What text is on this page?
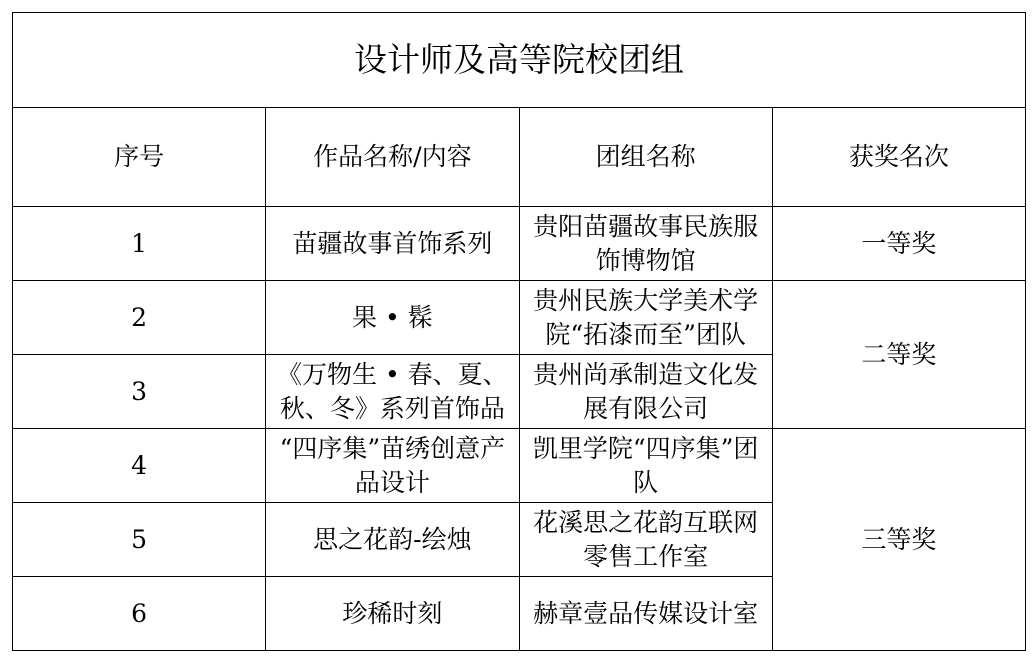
设计师及高等院校团组			
序号	作品名称/内容	团组名称	获奖名次
1	苗疆故事首饰系列	贵阳苗疆故事民族服饰博物馆	一等奖
2	果 • 髹	贵州民族大学美术学院“拓漆而至”团队	二等奖
3	《万物生 • 春、夏、秋、冬》系列首饰品	贵州尚承制造文化发展有限公司	
4	“四序集”苗绣创意产品设计	凯里学院“四序集”团队	三等奖
5	思之花韵-绘烛	花溪思之花韵互联网零售工作室	
6	珍稀时刻	赫章壹品传媒设计室	
